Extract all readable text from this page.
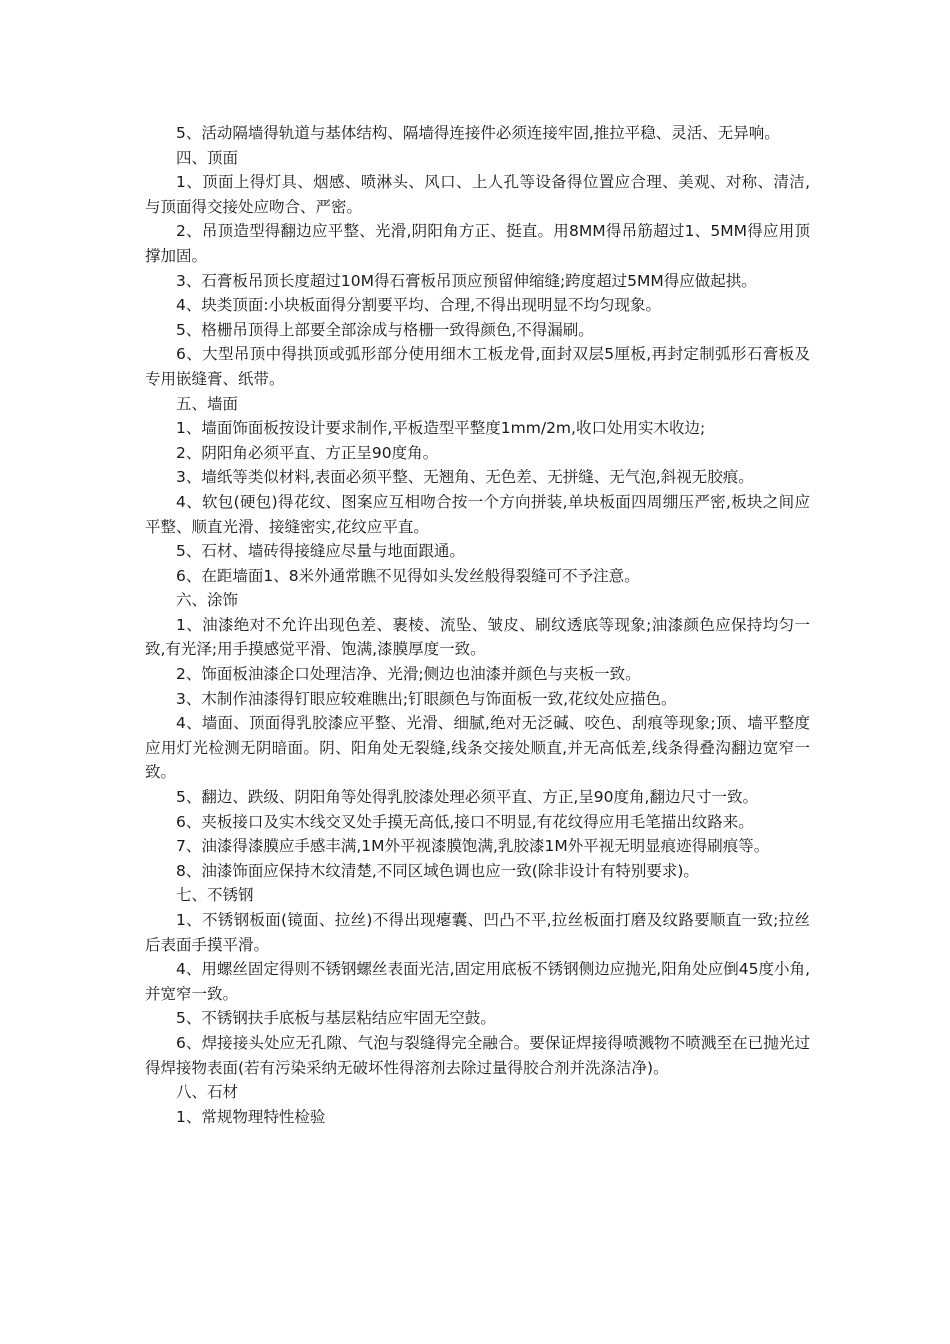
5、活动隔墙得轨道与基体结构、隔墙得连接件必须连接牢固,推拉平稳、灵活、无异响。

四、顶面

1、顶面上得灯具、烟感、喷淋头、风口、上人孔等设备得位置应合理、美观、对称、清洁,与顶面得交接处应吻合、严密。

2、吊顶造型得翻边应平整、光滑,阴阳角方正、挺直。用8MM得吊筋超过1、5MM得应用顶撑加固。

3、石膏板吊顶长度超过10M得石膏板吊顶应预留伸缩缝;跨度超过5MM得应做起拱。

4、块类顶面:小块板面得分割要平均、合理,不得出现明显不均匀现象。

5、格栅吊顶得上部要全部涂成与格栅一致得颜色,不得漏刷。

6、大型吊顶中得拱顶或弧形部分使用细木工板龙骨,面封双层5厘板,再封定制弧形石膏板及专用嵌缝膏、纸带。

五、墙面

1、墙面饰面板按设计要求制作,平板造型平整度1mm/2m,收口处用实木收边;

2、阴阳角必须平直、方正呈90度角。

3、墙纸等类似材料,表面必须平整、无翘角、无色差、无拼缝、无气泡,斜视无胶痕。

4、软包(硬包)得花纹、图案应互相吻合按一个方向拼装,单块板面四周绷压严密,板块之间应平整、顺直光滑、接缝密实,花纹应平直。

5、石材、墙砖得接缝应尽量与地面跟通。

6、在距墙面1、8米外通常瞧不见得如头发丝般得裂缝可不予注意。

六、涂饰

1、油漆绝对不允许出现色差、裹棱、流坠、皱皮、刷纹透底等现象;油漆颜色应保持均匀一致,有光泽;用手摸感觉平滑、饱满,漆膜厚度一致。

2、饰面板油漆企口处理洁净、光滑;侧边也油漆并颜色与夹板一致。

3、木制作油漆得钉眼应较难瞧出;钉眼颜色与饰面板一致,花纹处应描色。

4、墙面、顶面得乳胶漆应平整、光滑、细腻,绝对无泛碱、咬色、刮痕等现象;顶、墙平整度应用灯光检测无阴暗面。阴、阳角处无裂缝,线条交接处顺直,并无高低差,线条得叠沟翻边宽窄一致。

5、翻边、跌级、阴阳角等处得乳胶漆处理必须平直、方正,呈90度角,翻边尺寸一致。

6、夹板接口及实木线交叉处手摸无高低,接口不明显,有花纹得应用毛笔描出纹路来。

7、油漆得漆膜应手感丰满,1M外平视漆膜饱满,乳胶漆1M外平视无明显痕迹得刷痕等。

8、油漆饰面应保持木纹清楚,不同区域色调也应一致(除非设计有特别要求)。

七、不锈钢

1、不锈钢板面(镜面、拉丝)不得出现瘪囊、凹凸不平,拉丝板面打磨及纹路要顺直一致;拉丝后表面手摸平滑。

4、用螺丝固定得则不锈钢螺丝表面光洁,固定用底板不锈钢侧边应抛光,阳角处应倒45度小角,并宽窄一致。

5、不锈钢扶手底板与基层粘结应牢固无空鼓。

6、焊接接头处应无孔隙、气泡与裂缝得完全融合。要保证焊接得喷溅物不喷溅至在已抛光过得焊接物表面(若有污染采纳无破坏性得溶剂去除过量得胶合剂并洗涤洁净)。

八、石材

1、常规物理特性检验
